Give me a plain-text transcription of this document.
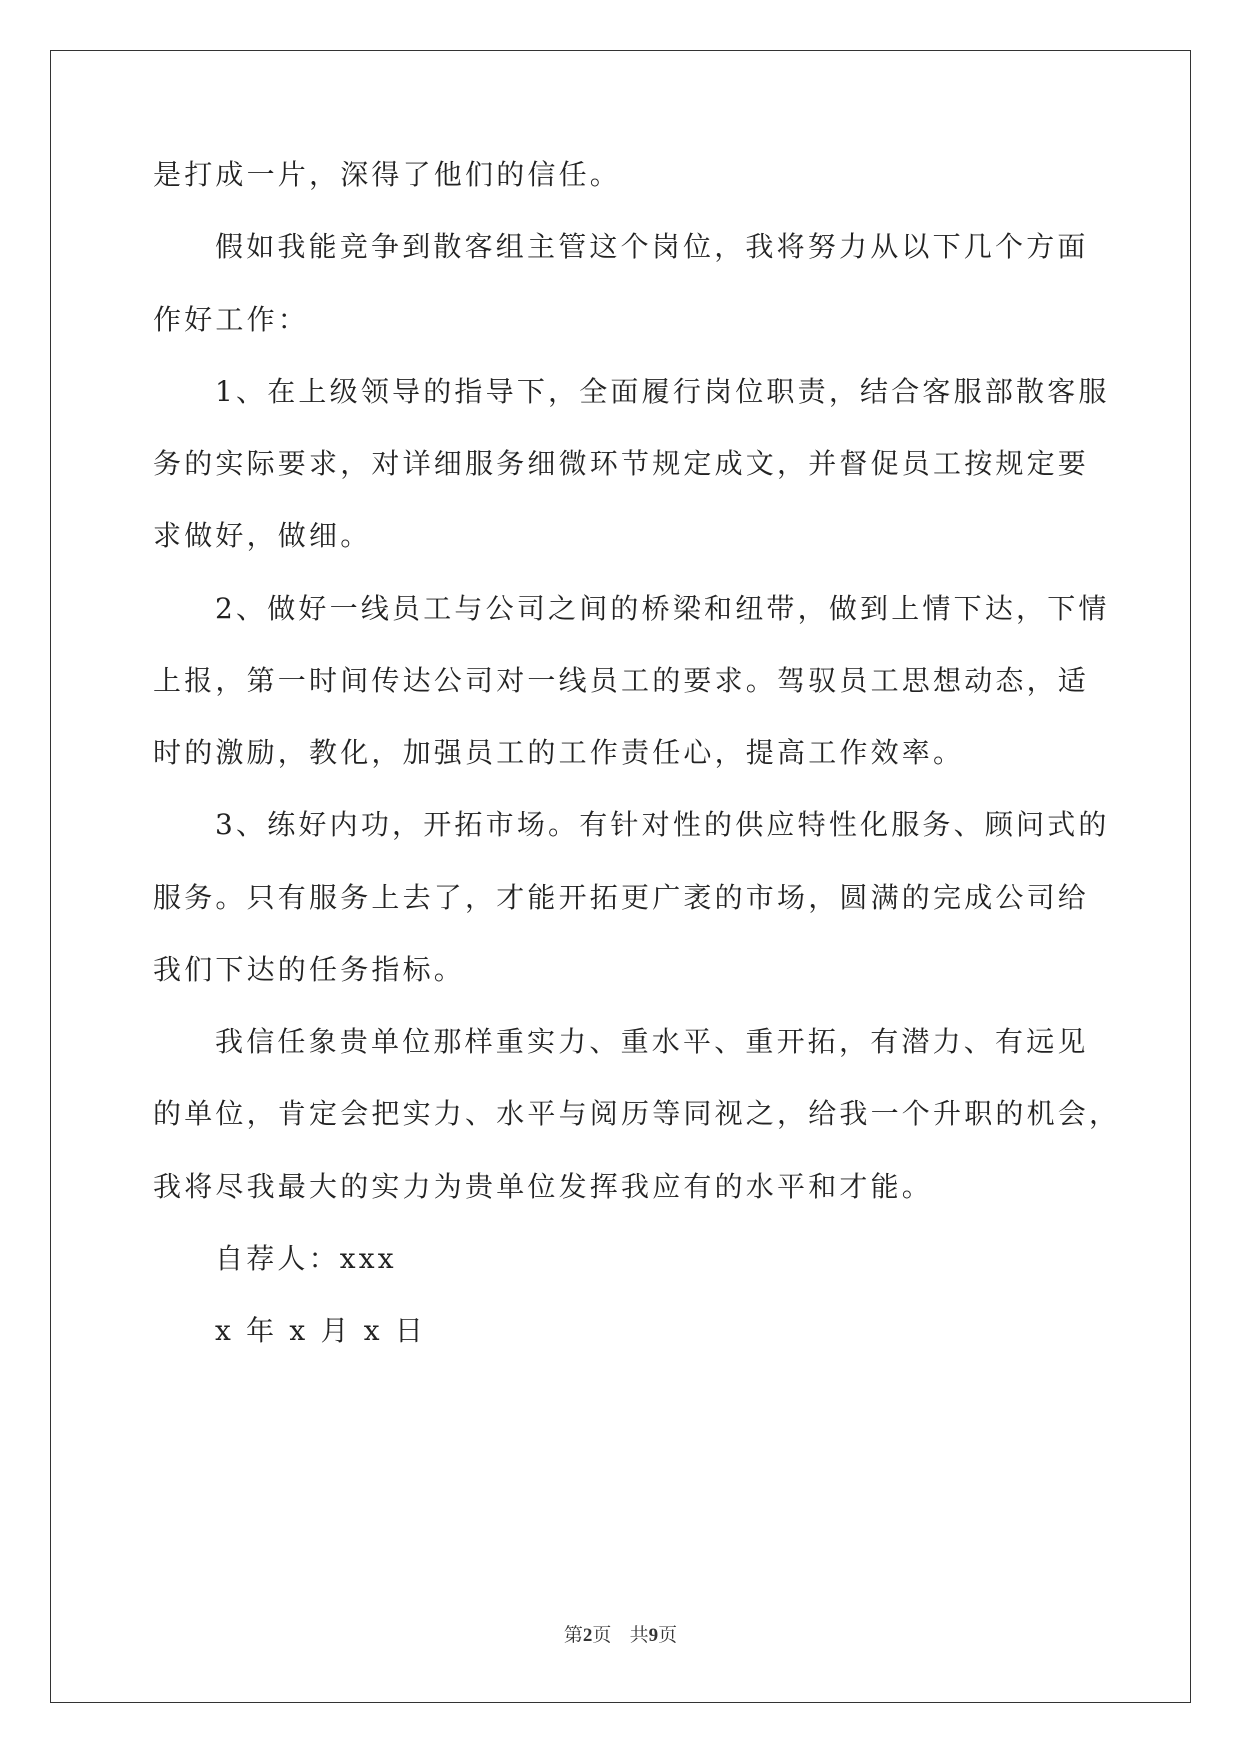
是打成一片，深得了他们的信任。
假如我能竞争到散客组主管这个岗位，我将努力从以下几个方面
作好工作：
1、在上级领导的指导下，全面履行岗位职责，结合客服部散客服
务的实际要求，对详细服务细微环节规定成文，并督促员工按规定要
求做好，做细。
2、做好一线员工与公司之间的桥梁和纽带，做到上情下达，下情
上报，第一时间传达公司对一线员工的要求。驾驭员工思想动态，适
时的激励，教化，加强员工的工作责任心，提高工作效率。
3、练好内功，开拓市场。有针对性的供应特性化服务、顾问式的
服务。只有服务上去了，才能开拓更广袤的市场，圆满的完成公司给
我们下达的任务指标。
我信任象贵单位那样重实力、重水平、重开拓，有潜力、有远见
的单位，肯定会把实力、水平与阅历等同视之，给我一个升职的机会，
我将尽我最大的实力为贵单位发挥我应有的水平和才能。
自荐人：xxx
x 年 x 月 x 日
第2页 共9页
